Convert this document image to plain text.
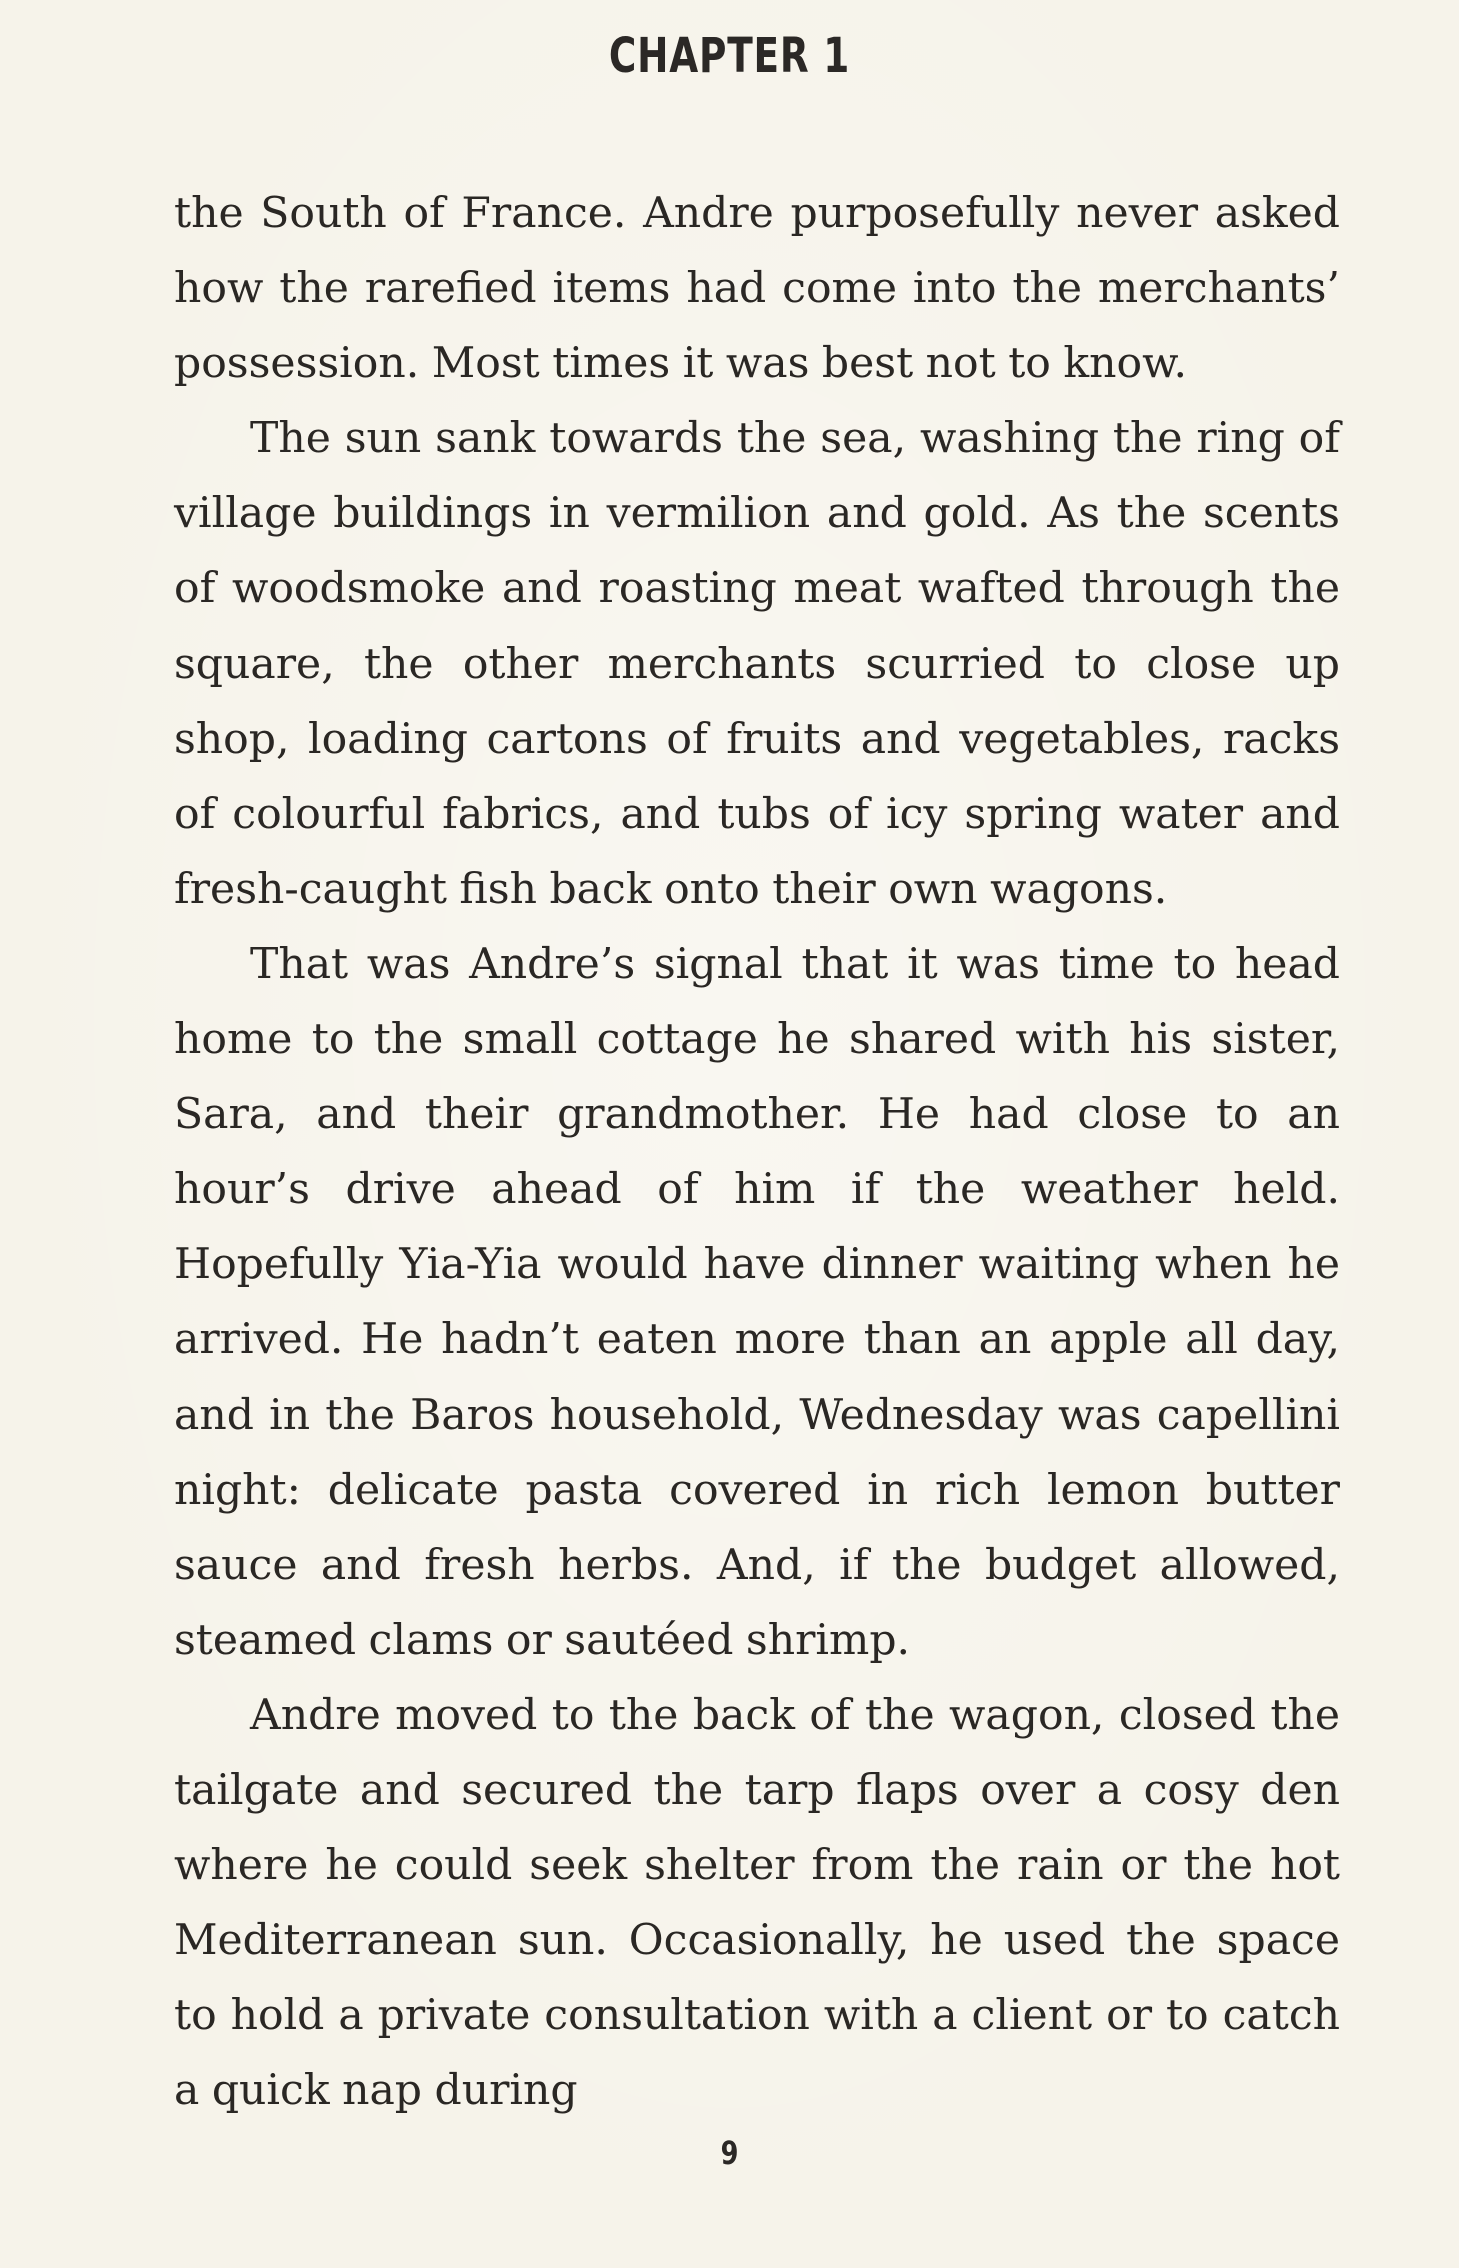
CHAPTER 1

the South of France. Andre purposefully never asked how the rarefied items had come into the merchants’ possession. Most times it was best not to know.

The sun sank towards the sea, washing the ring of village buildings in vermilion and gold. As the scents of woodsmoke and roasting meat wafted through the square, the other merchants scurried to close up shop, loading cartons of fruits and vegetables, racks of colourful fabrics, and tubs of icy spring water and fresh-caught fish back onto their own wagons.

That was Andre’s signal that it was time to head home to the small cottage he shared with his sister, Sara, and their grandmother. He had close to an hour’s drive ahead of him if the weather held. Hopefully Yia-Yia would have dinner waiting when he arrived. He hadn’t eaten more than an apple all day, and in the Baros household, Wednesday was capellini night: delicate pasta covered in rich lemon butter sauce and fresh herbs. And, if the budget allowed, steamed clams or sautéed shrimp.

Andre moved to the back of the wagon, closed the tailgate and secured the tarp flaps over a cosy den where he could seek shelter from the rain or the hot Mediterranean sun. Occasionally, he used the space to hold a private consultation with a client or to catch a quick nap during

9
